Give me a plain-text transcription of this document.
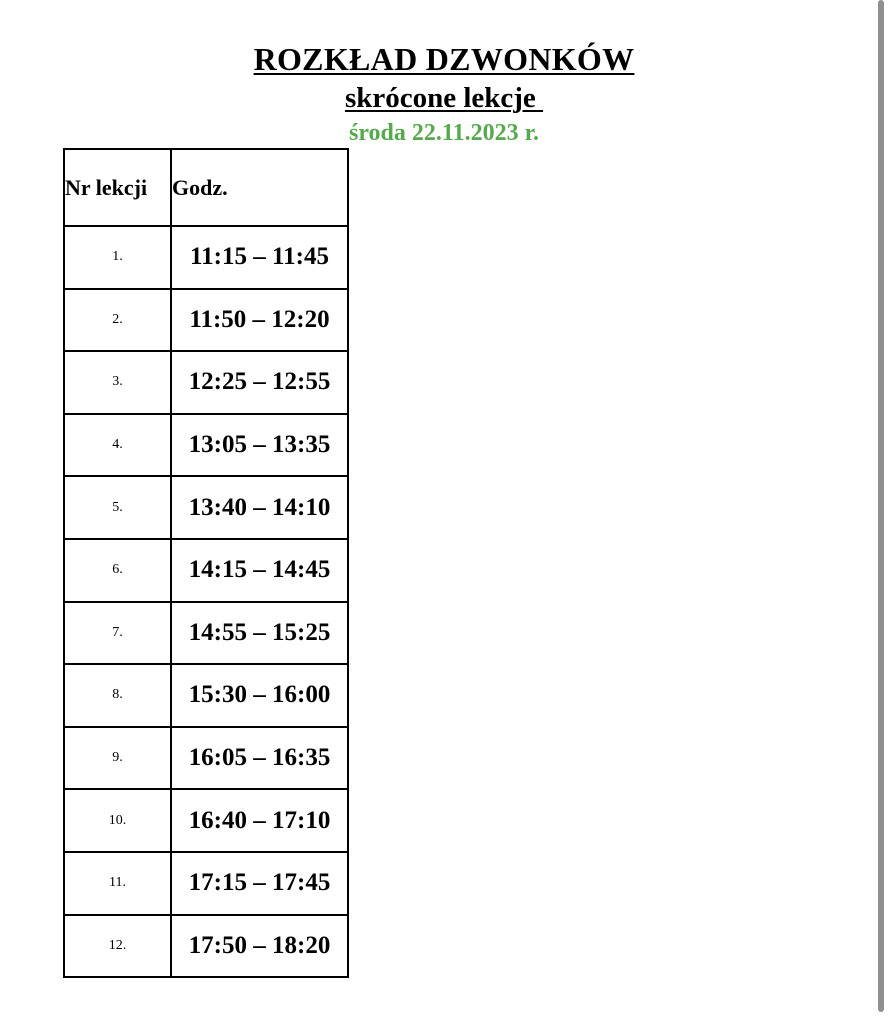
ROZKŁAD DZWONKÓW
skrócone lekcje
środa 22.11.2023 r.
Nr lekcji	Godz.
1.	11:15 – 11:45
2.	11:50 – 12:20
3.	12:25 – 12:55
4.	13:05 – 13:35
5.	13:40 – 14:10
6.	14:15 – 14:45
7.	14:55 – 15:25
8.	15:30 – 16:00
9.	16:05 – 16:35
10.	16:40 – 17:10
11.	17:15 – 17:45
12.	17:50 – 18:20
